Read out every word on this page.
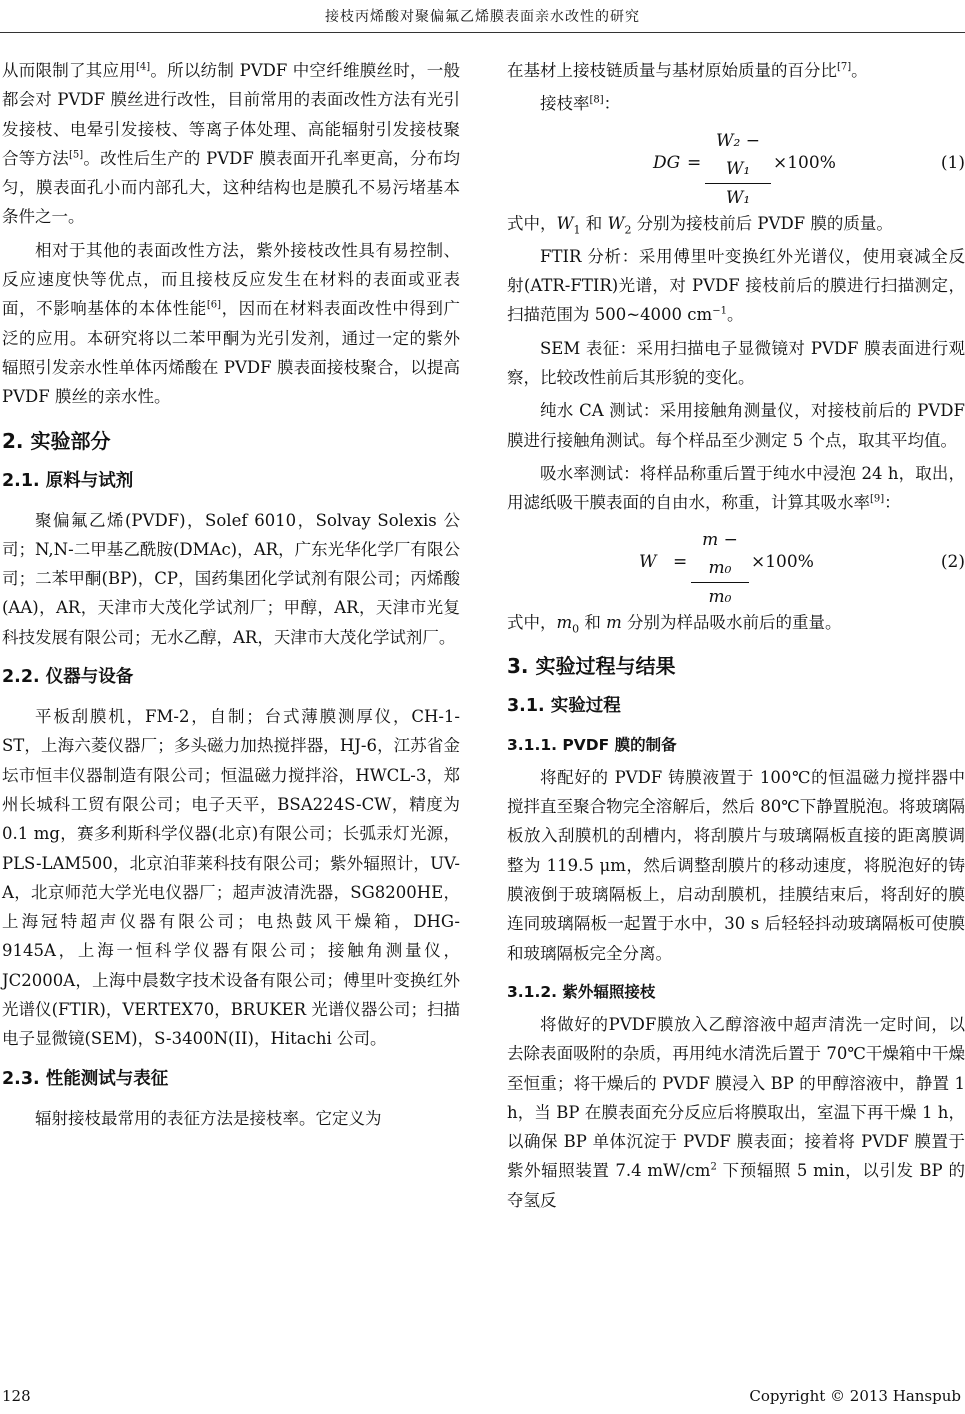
接枝丙烯酸对聚偏氟乙烯膜表面亲水改性的研究

从而限制了其应用[4]。所以纺制 PVDF 中空纤维膜丝时，一般都会对 PVDF 膜丝进行改性，目前常用的表面改性方法有光引发接枝、电晕引发接枝、等离子体处理、高能辐射引发接枝聚合等方法[5]。改性后生产的 PVDF 膜表面开孔率更高，分布均匀，膜表面孔小而内部孔大，这种结构也是膜孔不易污堵基本条件之一。

相对于其他的表面改性方法，紫外接枝改性具有易控制、反应速度快等优点，而且接枝反应发生在材料的表面或亚表面，不影响基体的本体性能[6]，因而在材料表面改性中得到广泛的应用。本研究将以二苯甲酮为光引发剂，通过一定的紫外辐照引发亲水性单体丙烯酸在 PVDF 膜表面接枝聚合，以提高 PVDF 膜丝的亲水性。

2. 实验部分
2.1. 原料与试剂

聚偏氟乙烯(PVDF)，Solef 6010，Solvay Solexis 公司；N,N-二甲基乙酰胺(DMAc)，AR，广东光华化学厂有限公司；二苯甲酮(BP)，CP，国药集团化学试剂有限公司；丙烯酸(AA)，AR，天津市大茂化学试剂厂；甲醇，AR，天津市光复科技发展有限公司；无水乙醇，AR，天津市大茂化学试剂厂。

2.2. 仪器与设备

平板刮膜机，FM-2，自制；台式薄膜测厚仪，CH-1-ST，上海六菱仪器厂；多头磁力加热搅拌器，HJ-6，江苏省金坛市恒丰仪器制造有限公司；恒温磁力搅拌浴，HWCL-3，郑州长城科工贸有限公司；电子天平，BSA224S-CW，精度为 0.1 mg，赛多利斯科学仪器(北京)有限公司；长弧汞灯光源，PLS-LAM500，北京泊菲莱科技有限公司；紫外辐照计，UV-A，北京师范大学光电仪器厂；超声波清洗器，SG8200HE，上海冠特超声仪器有限公司；电热鼓风干燥箱，DHG-9145A，上海一恒科学仪器有限公司；接触角测量仪，JC2000A，上海中晨数字技术设备有限公司；傅里叶变换红外光谱仪(FTIR)，VERTEX70，BRUKER 光谱仪器公司；扫描电子显微镜(SEM)，S-3400N(II)，Hitachi 公司。

2.3. 性能测试与表征

辐射接枝最常用的表征方法是接枝率。它定义为

在基材上接枝链质量与基材原始质量的百分比[7]。

接枝率[8]：

DG = $\frac{\text{W₂ − W₁}}{\text{W₁}} \times 100\%$	(1)

式中，$W_1$ 和 $W_2$ 分别为接枝前后 PVDF 膜的质量。

FTIR 分析：采用傅里叶变换红外光谱仪，使用衰减全反射(ATR-FTIR)光谱，对 PVDF 接枝前后的膜进行扫描测定，扫描范围为 500~4000 $cm^{-1}$。

SEM 表征：采用扫描电子显微镜对 PVDF 膜表面进行观察，比较改性前后其形貌的变化。

纯水 CA 测试：采用接触角测量仪，对接枝前后的 PVDF 膜进行接触角测试。每个样品至少测定 5 个点，取其平均值。

吸水率测试：将样品称重后置于纯水中浸泡 24 h，取出，用滤纸吸干膜表面的自由水，称重，计算其吸水率[9]：

$W = \frac{\text{m − m₀}}{\text{m₀}} \times 100\%$	(2)

式中，$m_0$ 和 m 分别为样品吸水前后的重量。

3. 实验过程与结果
3.1. 实验过程
3.1.1. PVDF 膜的制备

将配好的 PVDF 铸膜液置于 100℃的恒温磁力搅拌器中搅拌直至聚合物完全溶解后，然后 80℃下静置脱泡。将玻璃隔板放入刮膜机的刮槽内，将刮膜片与玻璃隔板直接的距离膜调整为 119.5 μm，然后调整刮膜片的移动速度，将脱泡好的铸膜液倒于玻璃隔板上，启动刮膜机，挂膜结束后，将刮好的膜连同玻璃隔板一起置于水中，30 s 后轻轻抖动玻璃隔板可使膜和玻璃隔板完全分离。

3.1.2. 紫外辐照接枝

将做好的PVDF膜放入乙醇溶液中超声清洗一定时间，以去除表面吸附的杂质，再用纯水清洗后置于 70℃干燥箱中干燥至恒重；将干燥后的 PVDF 膜浸入 BP 的甲醇溶液中，静置 1 h，当 BP 在膜表面充分反应后将膜取出，室温下再干燥 1 h，以确保 BP 单体沉淀于 PVDF 膜表面；接着将 PVDF 膜置于紫外辐照装置 7.4 $mW/cm^2$ 下预辐照 5 min，以引发 BP 的夺氢反

128	Copyright © 2013 Hanspub
